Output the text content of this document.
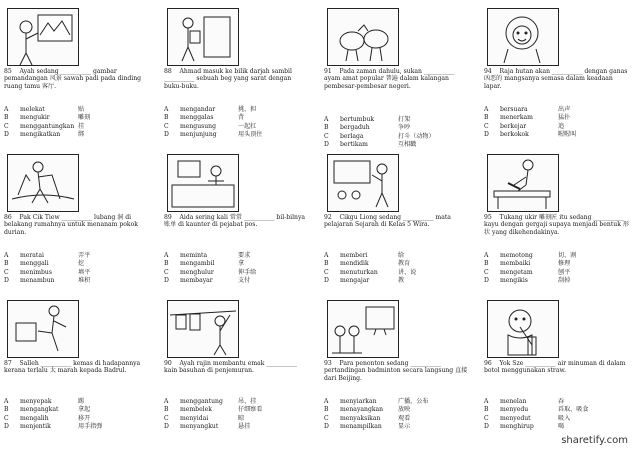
85    Ayah sedang __________ gambar pemandangan 风景 sawah padi pada dinding ruang tamu 客厅.
A	melekat	贴
B	mengukir	雕刻
C	menggantungkan 挂
D	mengikatkan	绑
86    Pak Cik Tiew __________ lubang 洞 di belakang rumahnya untuk menanam pokok durian.
A	meratai	弄平
B	menggali	挖
C	menimbus	填平
D	menambun	堆积
87    Salleh __________ kemas di hadapannya kerana terlalu 太 marah kepada Badrul.
A	menyepak	踢
B	mengangkat	拿起
C	mengalih	移开
D	menjentik	用手指弹
88    Ahmad masuk ke bilik darjah sambil __________ sebuah beg yang sarat dengan buku-buku.
A	mengandar	挑、担
B	menggalas	背
C	mengusung	一起扛
D	menjunjung	用头顶住
89    Aida sering kali 常常 __________ bil-bilnya 账单 di kaunter di pejabat pos.
A	meminta	要求
B	mengambil	拿
C	menghulur	伸手给
D	membayar	支付
90    Ayah rajin membantu emak __________ kain basuhan di penjemuran.
A	menggantung	吊、挂
B	membelek	仔细察看
C	menyidai	晾
D	menyangkut	悬挂
91    Pada zaman dahulu, sukan __________ ayam amat popular 普遍 dalam kalangan pembesar-pembesar negeri.
A	bertumbuk	打架
B	bergaduh	争吵
C	berlaga	打斗（动物）
D	bertikam	互相戳
92    Cikgu Liong sedang __________ mata pelajaran Sejarah di Kelas 5 Wira.
A	memberi	给
B	mendidik	教育
C	menuturkan	讲、说
D	mengajar	教
93    Para penonton sedang __________ pertandingan badminton secara langsung 直接 dari Beijing.
A	menyiarkan	广播、公布
B	menayangkan	放映
C	menyaksikan	观看
D	menampilkan	显示
94    Raja hutan akan __________ dengan ganas 凶恶的 mangsanya semasa dalam keadaan lapar.
A	bersuara	出声
B	menerkam	猛扑
C	berkejar	追
D	berkokok	喔喔叫
95    Tukang ukir 雕刻匠 itu sedang __________ kayu dengan gergaji supaya menjadi bentuk 形状 yang dikehendakinya.
A	memotong	切、割
B	membaiki	修理
C	mengetam	刨平
D	mengikis	刮掉
96    Yok Sze __________ air minuman di dalam botol menggunakan straw.
A	menelan	吞
B	menyedu	舀取、吸食
C	menyedut	吸入
D	menghirup	喝
sharetify.com
